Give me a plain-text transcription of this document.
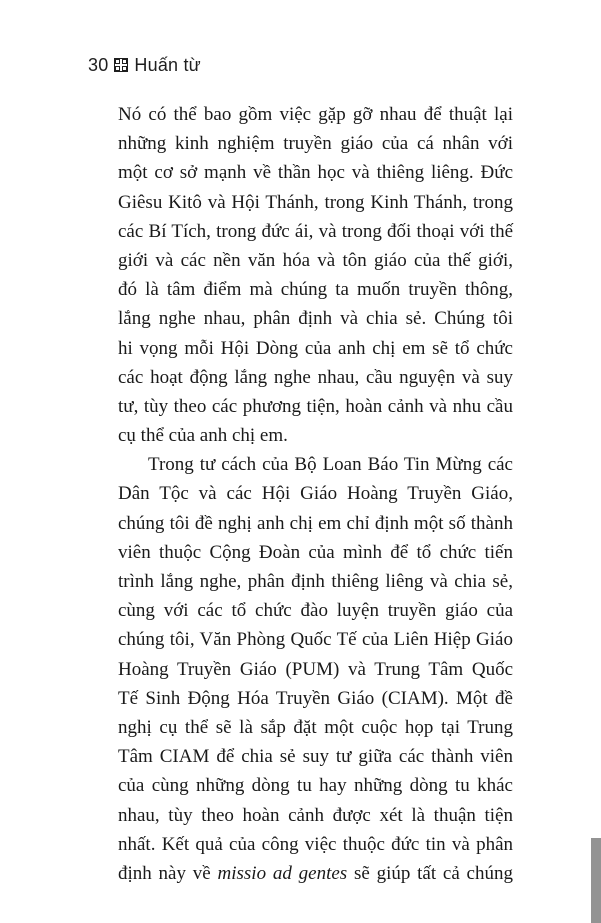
30 Huấn từ
Nó có thể bao gồm việc gặp gỡ nhau để thuật lại
những kinh nghiệm truyền giáo của cá nhân với
một cơ sở mạnh về thần học và thiêng liêng. Đức
Giêsu Kitô và Hội Thánh, trong Kinh Thánh, trong
các Bí Tích, trong đức ái, và trong đối thoại với thế
giới và các nền văn hóa và tôn giáo của thế giới,
đó là tâm điểm mà chúng ta muốn truyền thông,
lắng nghe nhau, phân định và chia sẻ. Chúng tôi
hi vọng mỗi Hội Dòng của anh chị em sẽ tổ chức
các hoạt động lắng nghe nhau, cầu nguyện và suy
tư, tùy theo các phương tiện, hoàn cảnh và nhu cầu
cụ thể của anh chị em.
Trong tư cách của Bộ Loan Báo Tin Mừng các
Dân Tộc và các Hội Giáo Hoàng Truyền Giáo,
chúng tôi đề nghị anh chị em chỉ định một số thành
viên thuộc Cộng Đoàn của mình để tổ chức tiến
trình lắng nghe, phân định thiêng liêng và chia sẻ,
cùng với các tổ chức đào luyện truyền giáo của
chúng tôi, Văn Phòng Quốc Tế của Liên Hiệp Giáo
Hoàng Truyền Giáo (PUM) và Trung Tâm Quốc
Tế Sinh Động Hóa Truyền Giáo (CIAM). Một đề
nghị cụ thể sẽ là sắp đặt một cuộc họp tại Trung
Tâm CIAM để chia sẻ suy tư giữa các thành viên
của cùng những dòng tu hay những dòng tu khác
nhau, tùy theo hoàn cảnh được xét là thuận tiện
nhất. Kết quả của công việc thuộc đức tin và phân
định này về missio ad gentes sẽ giúp tất cả chúng
